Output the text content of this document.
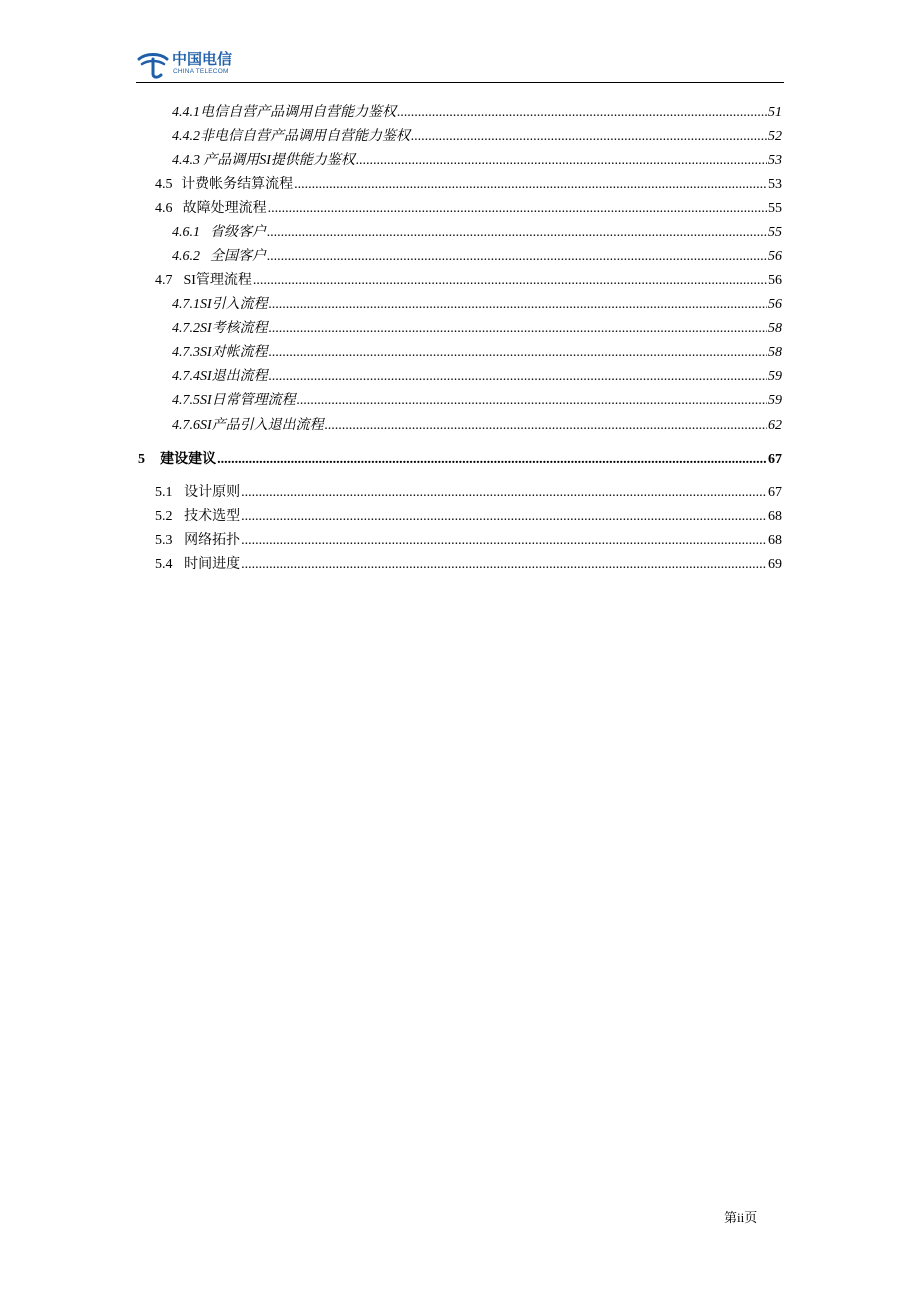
中国电信
CHINA TELECOM
4.4.1 电信自营产品调用自营能力鉴权 .....	51
4.4.2 非电信自营产品调用自营能力鉴权 .....	52
4.4.3 产品调用SI提供能力鉴权 .....	53
4.5 计费帐务结算流程 .....	53
4.6 故障处理流程 .....	55
4.6.1 省级客户 .....	55
4.6.2 全国客户 .....	56
4.7 SI管理流程 .....	56
4.7.1 SI引入流程 .....	56
4.7.2 SI考核流程 .....	58
4.7.3 SI对帐流程 .....	58
4.7.4 SI退出流程 .....	59
4.7.5 SI日常管理流程 .....	59
4.7.6 SI产品引入退出流程 .....	62
5	建设建议 .....	67
5.1 设计原则 .....	67
5.2 技术选型 .....	68
5.3 网络拓扑 .....	68
5.4 时间进度 .....	69
第ii页
